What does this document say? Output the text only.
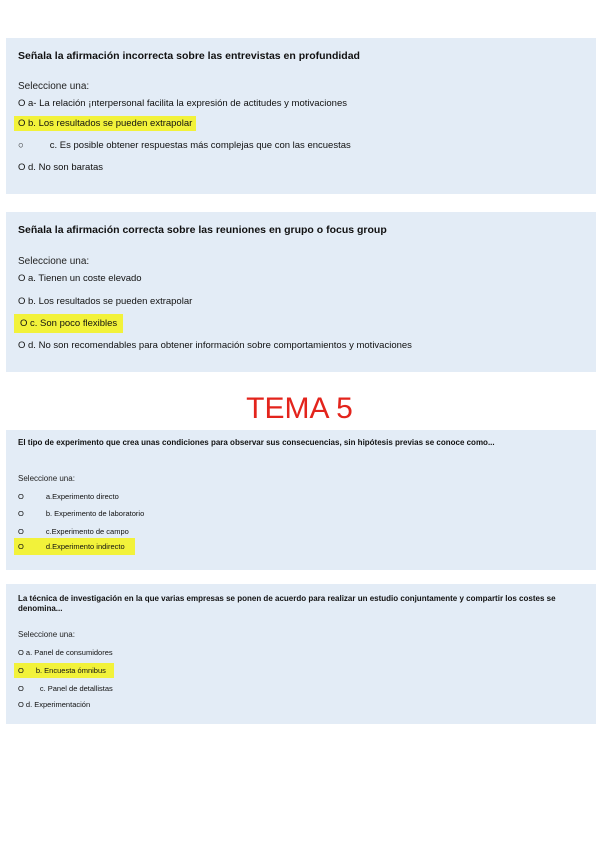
Señala la afirmación incorrecta sobre las entrevistas en profundidad
Seleccione una:
O a- La relación ¡nterpersonal facilita la expresión de actitudes y motivaciones
O b. Los resultados se pueden extrapolar
○	c. Es posible obtener respuestas más complejas que con las encuestas
O d. No son baratas
Señala la afirmación correcta sobre las reuniones en grupo o focus group
Seleccione una:
O a. Tienen un coste elevado
O b. Los resultados se pueden extrapolar
O c. Son poco flexibles
O d. No son recomendables para obtener información sobre comportamientos y motivaciones
TEMA 5
El tipo de experimento que crea unas condiciones para observar sus consecuencias, sin hipótesis previas se conoce como...
Seleccione una:
O	a.Experimento directo
O	b. Experimento de laboratorio
O	c.Experimento de campo
O	d.Experimento indirecto
La técnica de investigación en la que varias empresas se ponen de acuerdo para realizar un estudio conjuntamente y compartir los costes se denomina...
Seleccione una:
O a. Panel de consumidores
O b. Encuesta ómnibus
O c. Panel de detallistas
O d. Experimentación
